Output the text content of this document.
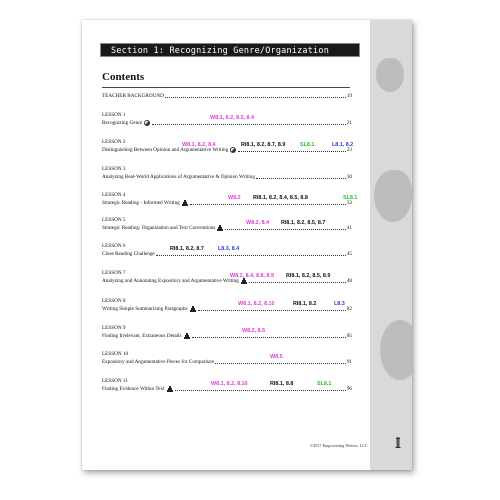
Section 1: Recognizing Genre/Organization
Contents
TEACHER BACKGROUND	19
LESSON 1
Recognizing Genre	21
W8.1, 8.2, 8.3, 8.4
LESSON 2
Distinguishing Between Opinion and Argumentative Writing	23
W8.1, 8.2, 8.4	RI8.1, 8.2, 8.7, 8.9	SL8.1	L8.1, 8.2
LESSON 3
Analyzing Real-World Applications of Argumentative & Opinion Writing	30
LESSON 4
Strategic Reading - Informed Writing	33
W8.2 RI8.1, 8.2, 8.4, 8.5, 8.8	SL8.1
LESSON 5
Strategic Reading: Organization and Text Conventions	41
W8.2, 8.4 RI8.1, 8.2, 8.5, 8.7
LESSON 6
Close Reading Challenge	45
RI8.1, 8.2, 8.7	L8.3, 8.4
LESSON 7
Analyzing and Annotating Expository and Argumentative Writing	48
W8.2, 8.4, 8.8, 8.9 RI8.1, 8.2, 8.5, 8.9
LESSON 8
Writing Simple Summarizing Paragraphs	82
W8.1, 8.2, 8.10	RI8.1, 8.2	L8.3
LESSON 9
Finding Irrelevant, Extraneous Details	85
W8.2, 8.5
LESSON 10
Expository and Argumentative Pieces for Comparison	91
W8.5
LESSON 11
Finding Evidence Within Text	96
W8.1, 8.2, 8.10	RI8.1, 8.8	SL8.1
©2017 Empowering Writers, LLC
